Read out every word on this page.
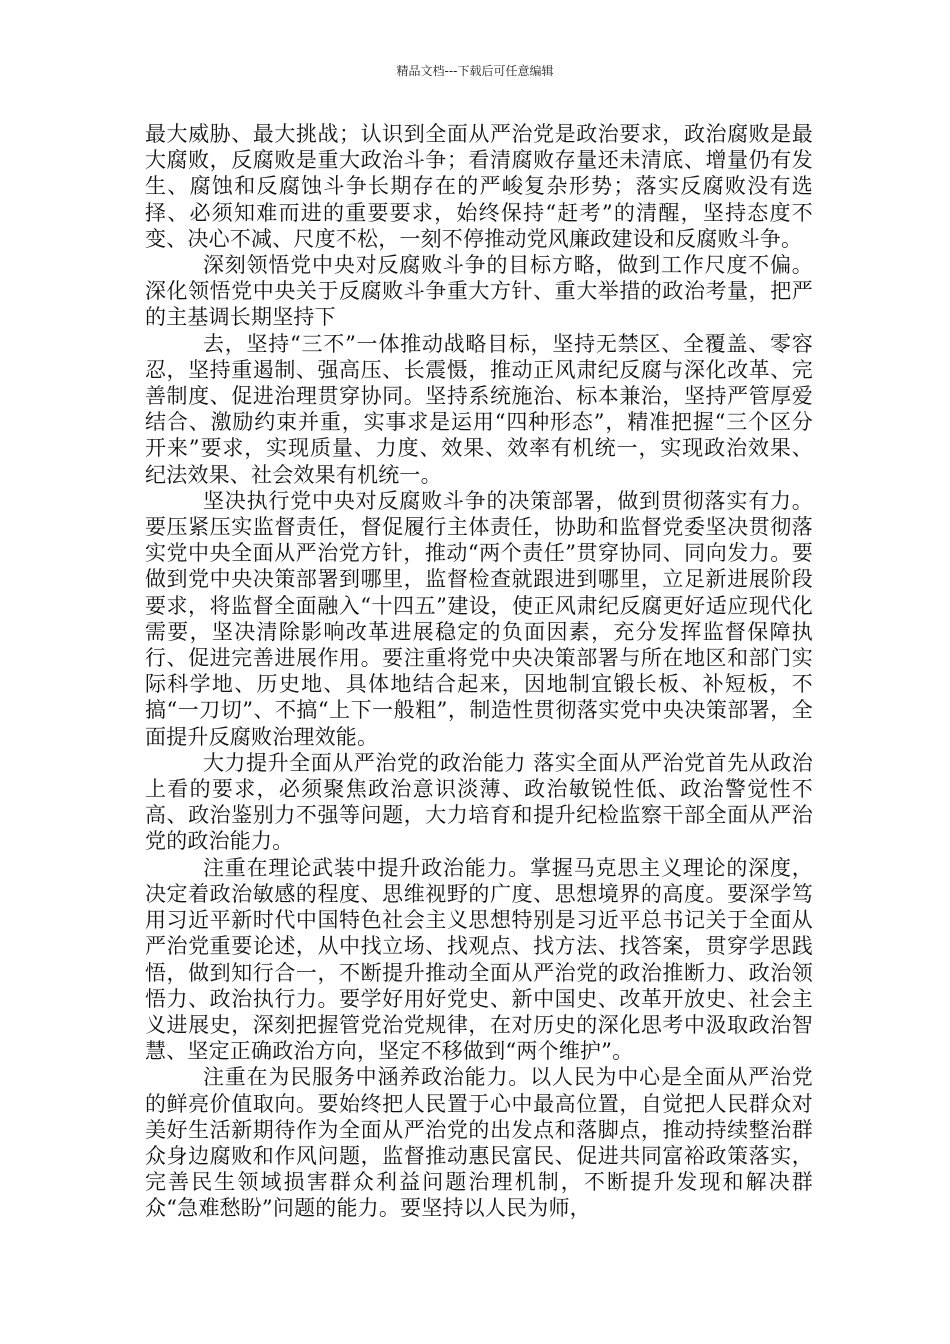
精品文档---下载后可任意编辑

最大威胁、最大挑战；认识到全面从严治党是政治要求，政治腐败是最大腐败，反腐败是重大政治斗争；看清腐败存量还未清底、增量仍有发生、腐蚀和反腐蚀斗争长期存在的严峻复杂形势；落实反腐败没有选择、必须知难而进的重要要求，始终保持“赶考”的清醒，坚持态度不变、决心不减、尺度不松，一刻不停推动党风廉政建设和反腐败斗争。

深刻领悟党中央对反腐败斗争的目标方略，做到工作尺度不偏。深化领悟党中央关于反腐败斗争重大方针、重大举措的政治考量，把严的主基调长期坚持下

去，坚持“三不”一体推动战略目标，坚持无禁区、全覆盖、零容忍，坚持重遏制、强高压、长震慑，推动正风肃纪反腐与深化改革、完善制度、促进治理贯穿协同。坚持系统施治、标本兼治，坚持严管厚爱结合、激励约束并重，实事求是运用“四种形态”，精准把握“三个区分开来”要求，实现质量、力度、效果、效率有机统一，实现政治效果、纪法效果、社会效果有机统一。

坚决执行党中央对反腐败斗争的决策部署，做到贯彻落实有力。要压紧压实监督责任，督促履行主体责任，协助和监督党委坚决贯彻落实党中央全面从严治党方针，推动“两个责任”贯穿协同、同向发力。要做到党中央决策部署到哪里，监督检查就跟进到哪里，立足新进展阶段要求，将监督全面融入“十四五”建设，使正风肃纪反腐更好适应现代化需要，坚决清除影响改革进展稳定的负面因素，充分发挥监督保障执行、促进完善进展作用。要注重将党中央决策部署与所在地区和部门实际科学地、历史地、具体地结合起来，因地制宜锻长板、补短板，不搞“一刀切”、不搞“上下一般粗”，制造性贯彻落实党中央决策部署，全面提升反腐败治理效能。

大力提升全面从严治党的政治能力 落实全面从严治党首先从政治上看的要求，必须聚焦政治意识淡薄、政治敏锐性低、政治警觉性不高、政治鉴别力不强等问题，大力培育和提升纪检监察干部全面从严治党的政治能力。

注重在理论武装中提升政治能力。掌握马克思主义理论的深度，决定着政治敏感的程度、思维视野的广度、思想境界的高度。要深学笃用习近平新时代中国特色社会主义思想特别是习近平总书记关于全面从严治党重要论述，从中找立场、找观点、找方法、找答案，贯穿学思践悟，做到知行合一，不断提升推动全面从严治党的政治推断力、政治领悟力、政治执行力。要学好用好党史、新中国史、改革开放史、社会主义进展史，深刻把握管党治党规律，在对历史的深化思考中汲取政治智慧、坚定正确政治方向，坚定不移做到“两个维护”。

注重在为民服务中涵养政治能力。以人民为中心是全面从严治党的鲜亮价值取向。要始终把人民置于心中最高位置，自觉把人民群众对美好生活新期待作为全面从严治党的出发点和落脚点，推动持续整治群众身边腐败和作风问题，监督推动惠民富民、促进共同富裕政策落实，完善民生领域损害群众利益问题治理机制，不断提升发现和解决群众“急难愁盼”问题的能力。要坚持以人民为师，
